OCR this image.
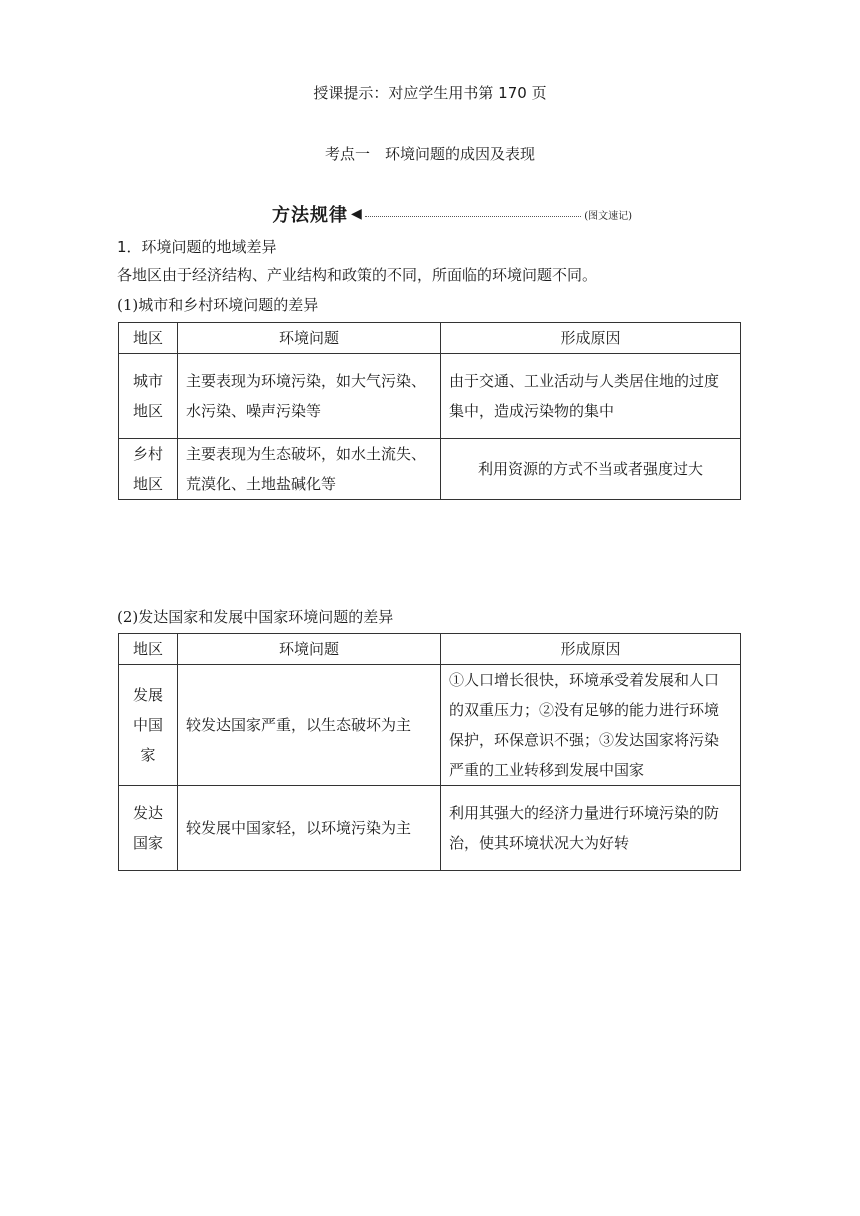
授课提示：对应学生用书第 170 页
考点一　环境问题的成因及表现
方法规律 ◀	(图文速记)
1．环境问题的地域差异
各地区由于经济结构、产业结构和政策的不同，所面临的环境问题不同。
(1)城市和乡村环境问题的差异
地区	环境问题	形成原因
城市地区	主要表现为环境污染，如大气污染、水污染、噪声污染等	由于交通、工业活动与人类居住地的过度集中，造成污染物的集中
乡村地区	主要表现为生态破坏，如水土流失、荒漠化、土地盐碱化等	利用资源的方式不当或者强度过大
(2)发达国家和发展中国家环境问题的差异
地区	环境问题	形成原因
发展中国家	较发达国家严重，以生态破坏为主	①人口增长很快，环境承受着发展和人口的双重压力；②没有足够的能力进行环境保护，环保意识不强；③发达国家将污染严重的工业转移到发展中国家
发达国家	较发展中国家轻，以环境污染为主	利用其强大的经济力量进行环境污染的防治，使其环境状况大为好转
